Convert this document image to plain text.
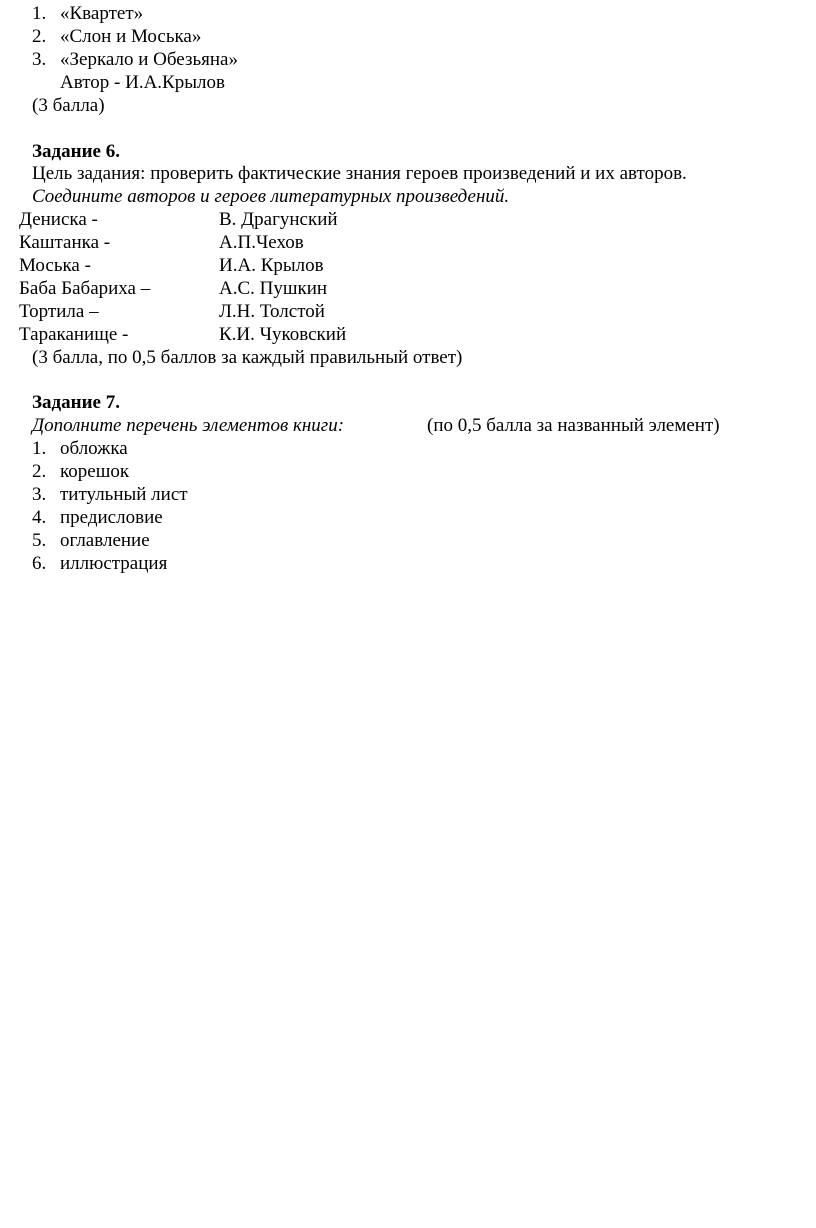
1. «Квартет»
2. «Слон и Моська»
3. «Зеркало и Обезьяна»
Автор - И.А.Крылов
(3 балла)
Задание 6.
Цель задания: проверить фактические знания героев произведений и их авторов.
Соедините авторов и героев литературных произведений.
Дениска -	В. Драгунский
Каштанка -	А.П.Чехов
Моська -	И.А. Крылов
Баба Бабариха –	А.С. Пушкин
Тортила –	Л.Н. Толстой
Тараканище -	К.И. Чуковский
(3 балла, по 0,5 баллов за каждый правильный ответ)
Задание 7.
Дополните перечень элементов книги:	(по 0,5 балла за названный элемент)
1. обложка
2. корешок
3. титульный лист
4. предисловие
5. оглавление
6. иллюстрация
